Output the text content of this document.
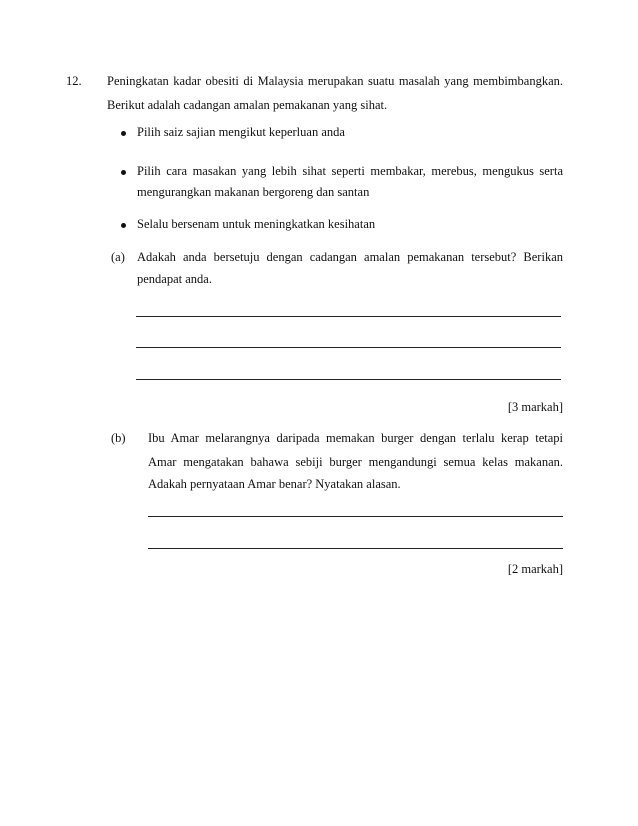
12. Peningkatan kadar obesiti di Malaysia merupakan suatu masalah yang membimbangkan.
Berikut adalah cadangan amalan pemakanan yang sihat.
Pilih saiz sajian mengikut keperluan anda
Pilih cara masakan yang lebih sihat seperti membakar, merebus, mengukus serta
mengurangkan makanan bergoreng dan santan
Selalu bersenam untuk meningkatkan kesihatan
(a) Adakah anda bersetuju dengan cadangan amalan pemakanan tersebut? Berikan
pendapat anda.
[3 markah]
(b) Ibu Amar melarangnya daripada memakan burger dengan terlalu kerap tetapi
Amar mengatakan bahawa sebiji burger mengandungi semua kelas makanan.
Adakah pernyataan Amar benar? Nyatakan alasan.
[2 markah]
